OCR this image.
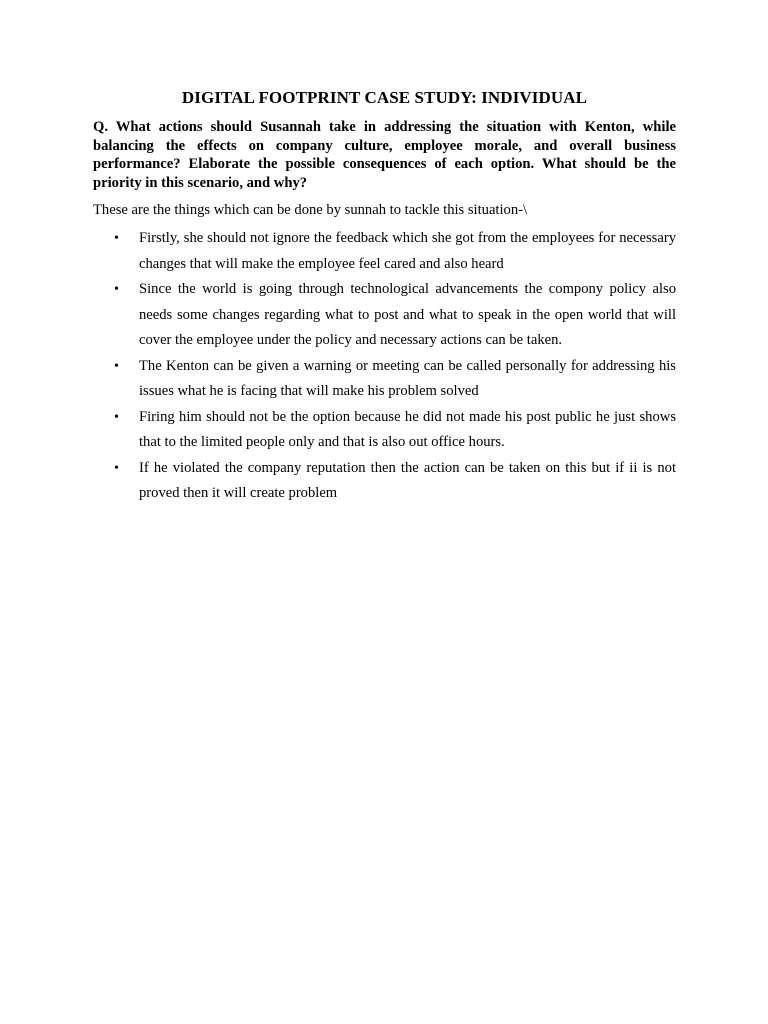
DIGITAL FOOTPRINT CASE STUDY: INDIVIDUAL

Q. What actions should Susannah take in addressing the situation with Kenton, while balancing the effects on company culture, employee morale, and overall business performance? Elaborate the possible consequences of each option. What should be the priority in this scenario, and why?

These are the things which can be done by sunnah to tackle this situation-\

• Firstly, she should not ignore the feedback which she got from the employees for necessary changes that will make the employee feel cared and also heard
• Since the world is going through technological advancements the compony policy also needs some changes regarding what to post and what to speak in the open world that will cover the employee under the policy and necessary actions can be taken.
• The Kenton can be given a warning or meeting can be called personally for addressing his issues what he is facing that will make his problem solved
• Firing him should not be the option because he did not made his post public he just shows that to the limited people only and that is also out office hours.
• If he violated the company reputation then the action can be taken on this but if ii is not proved then it will create problem
